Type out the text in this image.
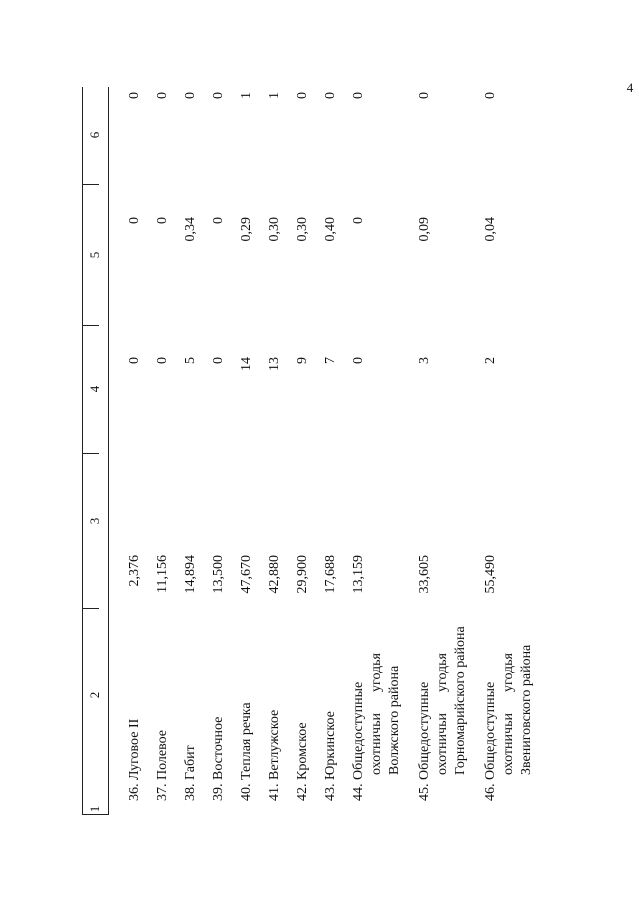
4
1
2
3
4
5
6
36. Луговое II
2,376
0
0
0
37. Полевое
11,156
0
0
0
38. Габит
14,894
5
0,34
0
39. Восточное
13,500
0
0
0
40. Теплая речка
47,670
14
0,29
1
41. Ветлужское
42,880
13
0,30
1
42. Кромское
29,900
9
0,30
0
43. Юркинское
17,688
7
0,40
0
44. Общедоступные охотничьи
угодья Волжского района
13,159
0
0
0
45. Общедоступные охотничьи
угодья Горномарийского района
33,605
3
0,09
0
46. Общедоступные охотничьи
угодья Звениговского района
55,490
2
0,04
0
